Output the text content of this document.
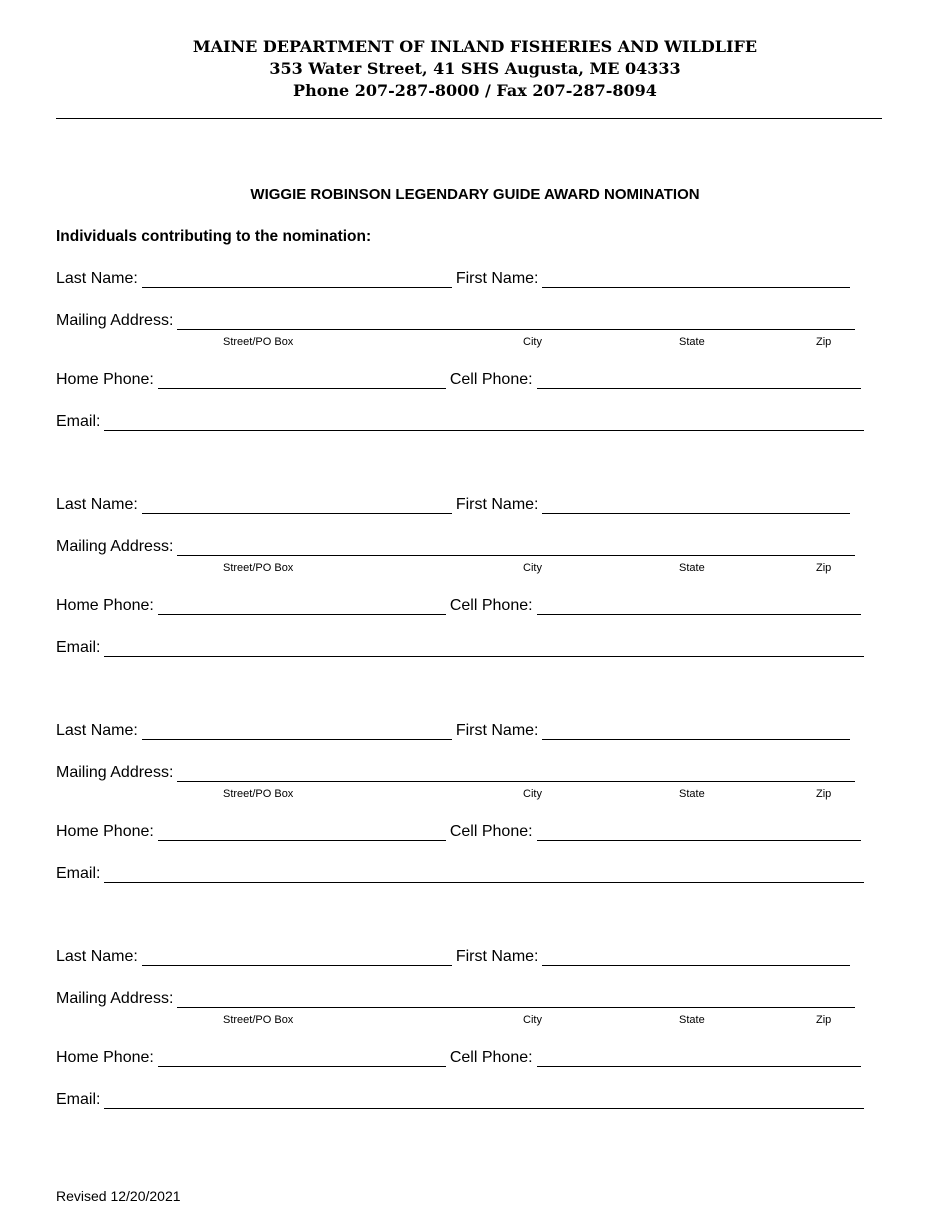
MAINE DEPARTMENT OF INLAND FISHERIES AND WILDLIFE
353 Water Street, 41 SHS Augusta, ME 04333
Phone 207-287-8000 / Fax 207-287-8094
WIGGIE ROBINSON LEGENDARY GUIDE AWARD NOMINATION
Individuals contributing to the nomination:
Last Name:	First Name:
Mailing Address:
Street/PO Box	City	State	Zip
Home Phone:	Cell Phone:
Email:
Last Name:	First Name:
Mailing Address:
Street/PO Box	City	State	Zip
Home Phone:	Cell Phone:
Email:
Last Name:	First Name:
Mailing Address:
Street/PO Box	City	State	Zip
Home Phone:	Cell Phone:
Email:
Last Name:	First Name:
Mailing Address:
Street/PO Box	City	State	Zip
Home Phone:	Cell Phone:
Email:
Revised 12/20/2021
